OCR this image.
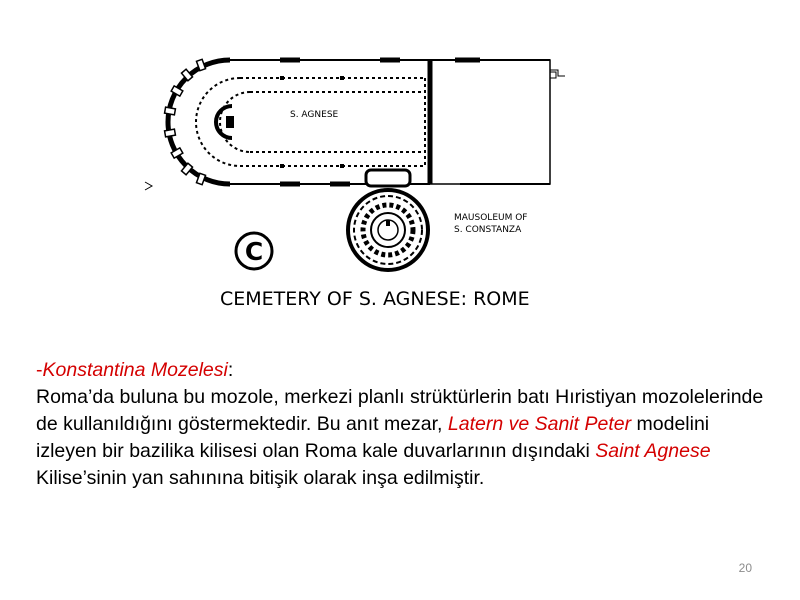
S. AGNESE
MAUSOLEUM OF
S. CONSTANZA
C
CEMETERY OF S. AGNESE: ROME
-Konstantina Mozelesi:
Roma’da buluna bu mozole, merkezi planlı strüktürlerin batı Hıristiyan mozolelerinde de kullanıldığını göstermektedir. Bu anıt mezar, Latern ve Sanit Peter modelini izleyen bir bazilika kilisesi olan Roma kale duvarlarının dışındaki Saint Agnese Kilise’sinin yan sahınına bitişik olarak inşa edilmiştir.
20
